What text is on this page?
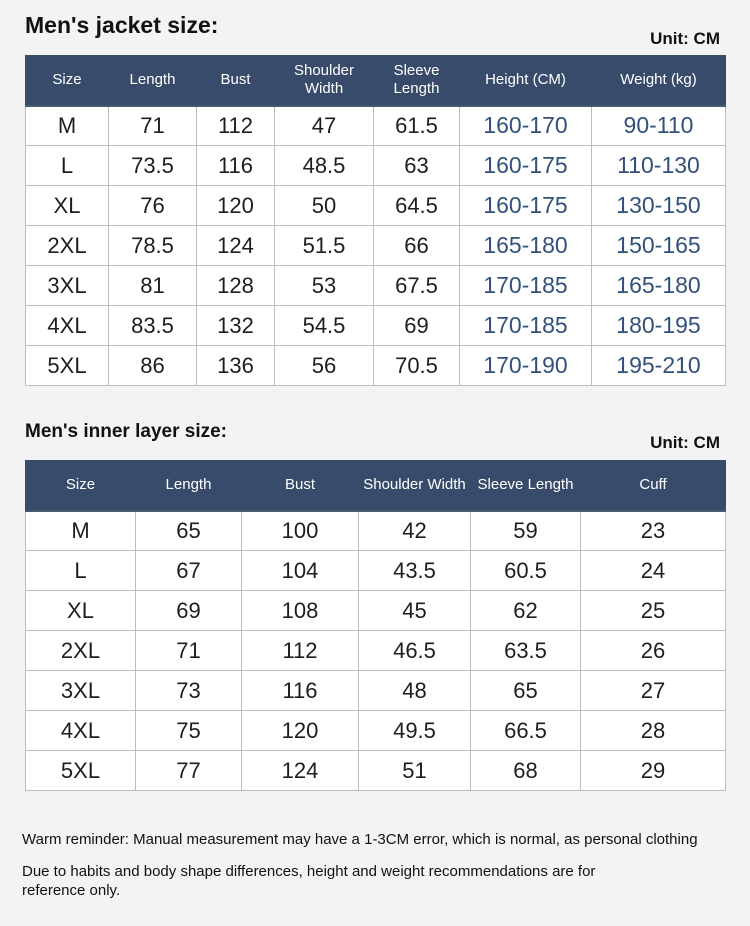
Men's jacket size:
Unit: CM
Size	Length	Bust	Shoulder Width	Sleeve Length	Height (CM)	Weight (kg)
M	71	112	47	61.5	160-170	90-110
L	73.5	116	48.5	63	160-175	110-130
XL	76	120	50	64.5	160-175	130-150
2XL	78.5	124	51.5	66	165-180	150-165
3XL	81	128	53	67.5	170-185	165-180
4XL	83.5	132	54.5	69	170-185	180-195
5XL	86	136	56	70.5	170-190	195-210
Men's inner layer size:
Unit: CM
Size	Length	Bust	Shoulder Width	Sleeve Length	Cuff
M	65	100	42	59	23
L	67	104	43.5	60.5	24
XL	69	108	45	62	25
2XL	71	112	46.5	63.5	26
3XL	73	116	48	65	27
4XL	75	120	49.5	66.5	28
5XL	77	124	51	68	29
Warm reminder: Manual measurement may have a 1-3CM error, which is normal, as personal clothing
Due to habits and body shape differences, height and weight recommendations are for reference only.
